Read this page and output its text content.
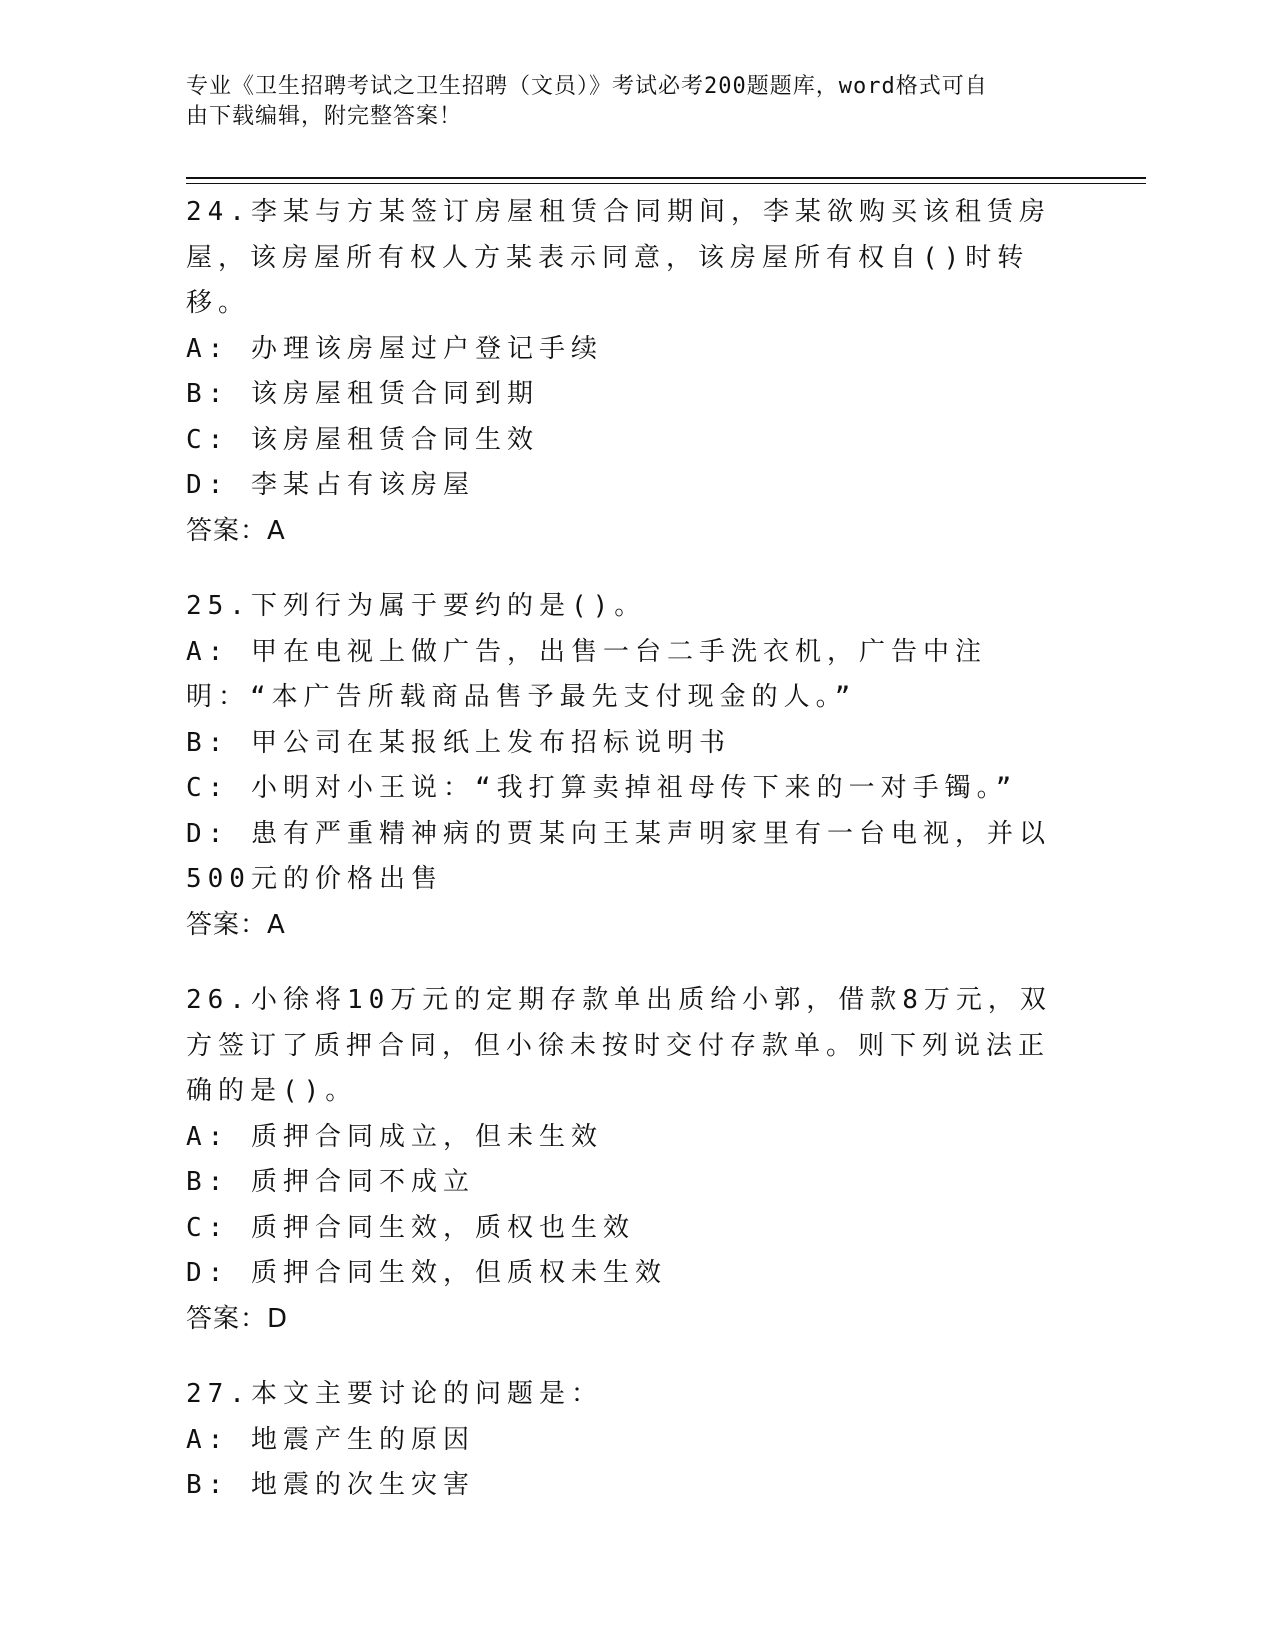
专业《卫生招聘考试之卫生招聘（文员）》考试必考200题题库，word格式可自
由下载编辑，附完整答案！
24.李某与方某签订房屋租赁合同期间，李某欲购买该租赁房屋，该房屋所有权人方某表示同意，该房屋所有权自()时转移。
A: 办理该房屋过户登记手续
B: 该房屋租赁合同到期
C: 该房屋租赁合同生效
D: 李某占有该房屋
答案：A
25.下列行为属于要约的是()。
A: 甲在电视上做广告，出售一台二手洗衣机，广告中注明：“本广告所载商品售予最先支付现金的人。”
B: 甲公司在某报纸上发布招标说明书
C: 小明对小王说：“我打算卖掉祖母传下来的一对手镯。”
D: 患有严重精神病的贾某向王某声明家里有一台电视，并以500元的价格出售
答案：A
26.小徐将10万元的定期存款单出质给小郭，借款8万元，双方签订了质押合同，但小徐未按时交付存款单。则下列说法正确的是()。
A: 质押合同成立，但未生效
B: 质押合同不成立
C: 质押合同生效，质权也生效
D: 质押合同生效，但质权未生效
答案：D
27.本文主要讨论的问题是：
A: 地震产生的原因
B: 地震的次生灾害
